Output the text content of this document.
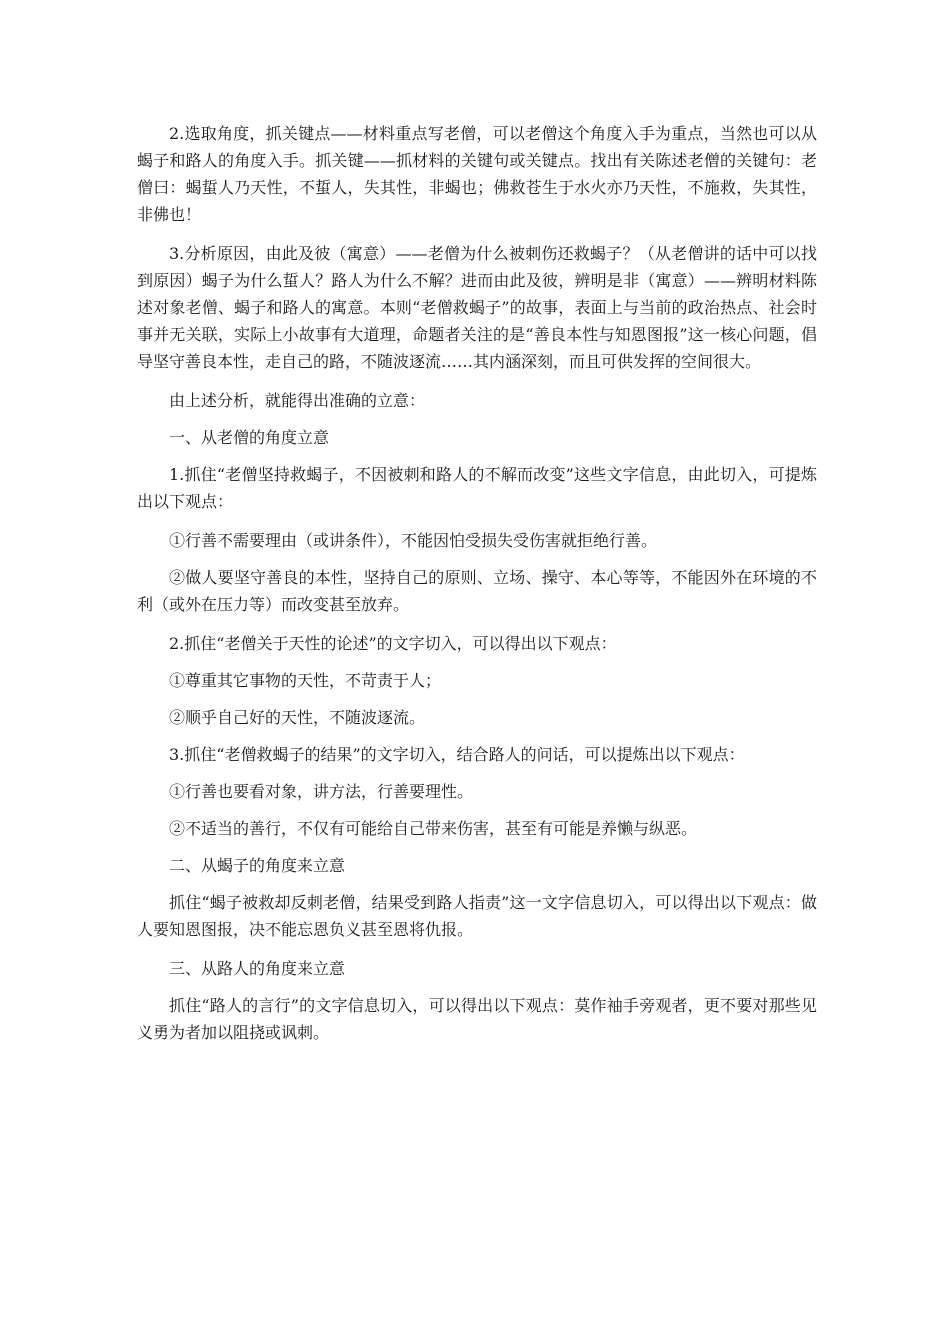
2.选取角度，抓关键点——材料重点写老僧，可以老僧这个角度入手为重点，当然也可以从蝎子和路人的角度入手。抓关键——抓材料的关键句或关键点。找出有关陈述老僧的关键句：老僧曰：蝎蜇人乃天性，不蜇人，失其性，非蝎也；佛救苍生于水火亦乃天性，不施救，失其性，非佛也！

3.分析原因，由此及彼（寓意）——老僧为什么被刺伤还救蝎子？（从老僧讲的话中可以找到原因）蝎子为什么蜇人？路人为什么不解？进而由此及彼，辨明是非（寓意）——辨明材料陈述对象老僧、蝎子和路人的寓意。本则“老僧救蝎子”的故事，表面上与当前的政治热点、社会时事并无关联，实际上小故事有大道理，命题者关注的是“善良本性与知恩图报”这一核心问题，倡导坚守善良本性，走自己的路，不随波逐流……其内涵深刻，而且可供发挥的空间很大。

由上述分析，就能得出准确的立意：

一、从老僧的角度立意

1.抓住“老僧坚持救蝎子，不因被刺和路人的不解而改变”这些文字信息，由此切入，可提炼出以下观点：

①行善不需要理由（或讲条件），不能因怕受损失受伤害就拒绝行善。

②做人要坚守善良的本性，坚持自己的原则、立场、操守、本心等等，不能因外在环境的不利（或外在压力等）而改变甚至放弃。

2.抓住“老僧关于天性的论述”的文字切入，可以得出以下观点：

①尊重其它事物的天性，不苛责于人；

②顺乎自己好的天性，不随波逐流。

3.抓住“老僧救蝎子的结果”的文字切入，结合路人的问话，可以提炼出以下观点：

①行善也要看对象，讲方法，行善要理性。

②不适当的善行，不仅有可能给自己带来伤害，甚至有可能是养懒与纵恶。

二、从蝎子的角度来立意

抓住“蝎子被救却反刺老僧，结果受到路人指责”这一文字信息切入，可以得出以下观点：做人要知恩图报，决不能忘恩负义甚至恩将仇报。

三、从路人的角度来立意

抓住“路人的言行”的文字信息切入，可以得出以下观点：莫作袖手旁观者，更不要对那些见义勇为者加以阻挠或讽刺。
